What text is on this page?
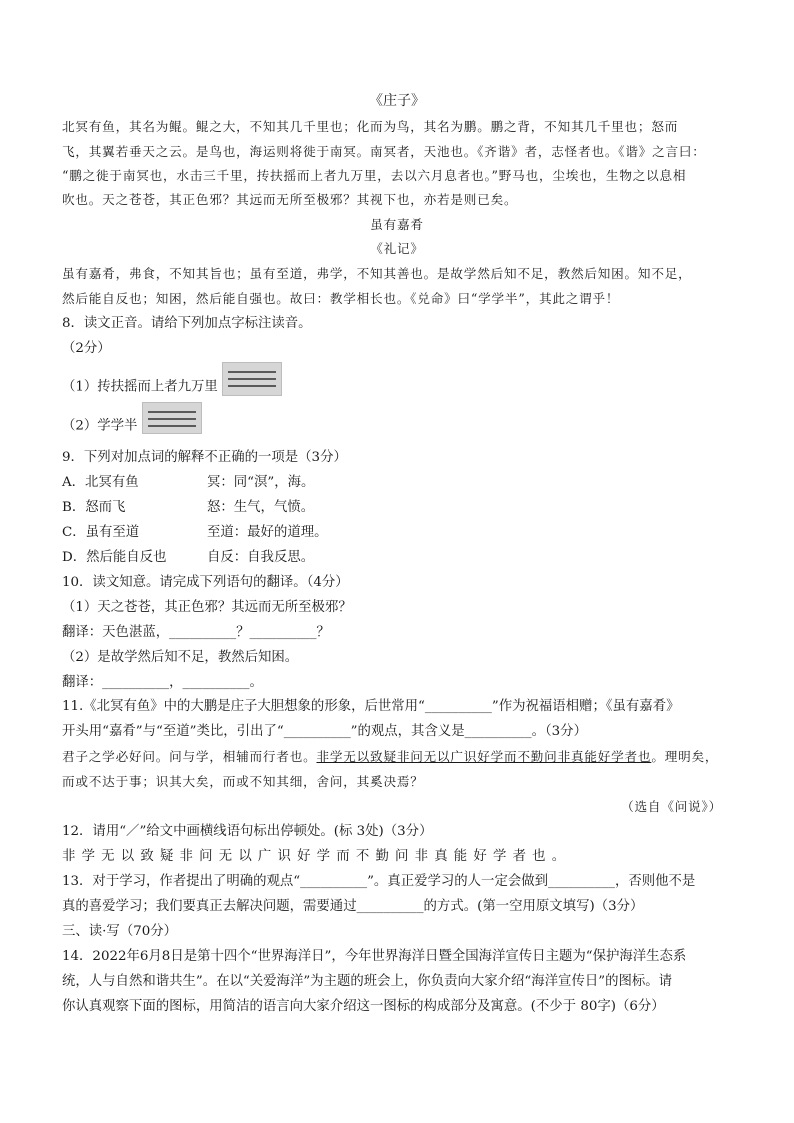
《庄子》
北冥有鱼，其名为鲲。鲲之大，不知其几千里也；化而为鸟，其名为鹏。鹏之背，不知其几千里也；怒而
飞，其翼若垂天之云。是鸟也，海运则将徙于南冥。南冥者，天池也。《齐谐》者，志怪者也。《谐》之言曰：
“鹏之徙于南冥也，水击三千里，抟扶摇而上者九万里，去以六月息者也。”野马也，尘埃也，生物之以息相
吹也。天之苍苍，其正色邪？其远而无所至极邪？其视下也，亦若是则已矣。
虽有嘉肴
《礼记》
虽有嘉肴，弗食，不知其旨也；虽有至道，弗学，不知其善也。是故学然后知不足，教然后知困。知不足，
然后能自反也；知困，然后能自强也。故曰：教学相长也。《兑命》曰“学学半”，其此之谓乎！
8．读文正音。请给下列加点字标注读音。
（2分）
（1）抟扶摇而上者九万里
（2）学学半
9．下列对加点词的解释不正确的一项是（3分）
A．北冥有鱼	冥：同“溟”，海。
B．怒而飞	怒：生气，气愤。
C．虽有至道	至道：最好的道理。
D．然后能自反也	自反：自我反思。
10．读文知意。请完成下列语句的翻译。（4分）
（1）天之苍苍，其正色邪？其远而无所至极邪？
翻译：天色湛蓝，__________？__________？
（2）是故学然后知不足，教然后知困。
翻译：__________，__________。
11.《北冥有鱼》中的大鹏是庄子大胆想象的形象，后世常用“__________”作为祝福语相赠；《虽有嘉肴》
开头用“嘉肴”与“至道”类比，引出了“__________”的观点，其含义是__________。（3分）
君子之学必好问。问与学，相辅而行者也。非学无以致疑非问无以广识好学而不勤问非真能好学者也。理明矣，
而或不达于事；识其大矣，而或不知其细，舍问，其奚决焉？
（选自《问说》）
12．请用“／”给文中画横线语句标出停顿处。(标 3处)（3分）
非学无以致疑非问无以广识好学而不勤问非真能好学者也。
13．对于学习，作者提出了明确的观点“__________”。真正爱学习的人一定会做到__________，否则他不是
真的喜爱学习；我们要真正去解决问题，需要通过__________的方式。(第一空用原文填写)（3分）
三、读·写（70分）
14．2022年6月8日是第十四个“世界海洋日”，今年世界海洋日暨全国海洋宣传日主题为“保护海洋生态系
统，人与自然和谐共生”。在以“关爱海洋”为主题的班会上，你负责向大家介绍“海洋宣传日”的图标。请
你认真观察下面的图标，用简洁的语言向大家介绍这一图标的构成部分及寓意。(不少于 80字)（6分）
